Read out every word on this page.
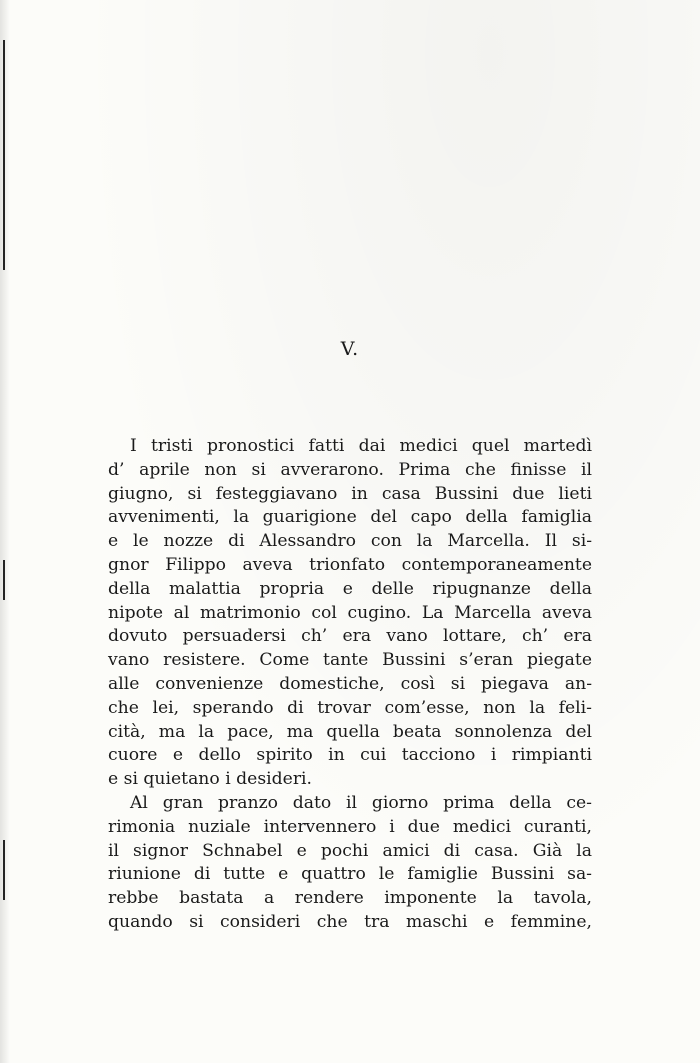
V.
I tristi pronostici fatti dai medici quel martedì
d’ aprile non si avverarono. Prima che finisse il
giugno, si festeggiavano in casa Bussini due lieti
avvenimenti, la guarigione del capo della famiglia
e le nozze di Alessandro con la Marcella. Il si-
gnor Filippo aveva trionfato contemporaneamente
della malattia propria e delle ripugnanze della
nipote al matrimonio col cugino. La Marcella aveva
dovuto persuadersi ch’ era vano lottare, ch’ era
vano resistere. Come tante Bussini s’eran piegate
alle convenienze domestiche, così si piegava an-
che lei, sperando di trovar com’esse, non la feli-
cità, ma la pace, ma quella beata sonnolenza del
cuore e dello spirito in cui tacciono i rimpianti
e si quietano i desideri.
Al gran pranzo dato il giorno prima della ce-
rimonia nuziale intervennero i due medici curanti,
il signor Schnabel e pochi amici di casa. Già la
riunione di tutte e quattro le famiglie Bussini sa-
rebbe bastata a rendere imponente la tavola,
quando si consideri che tra maschi e femmine,
